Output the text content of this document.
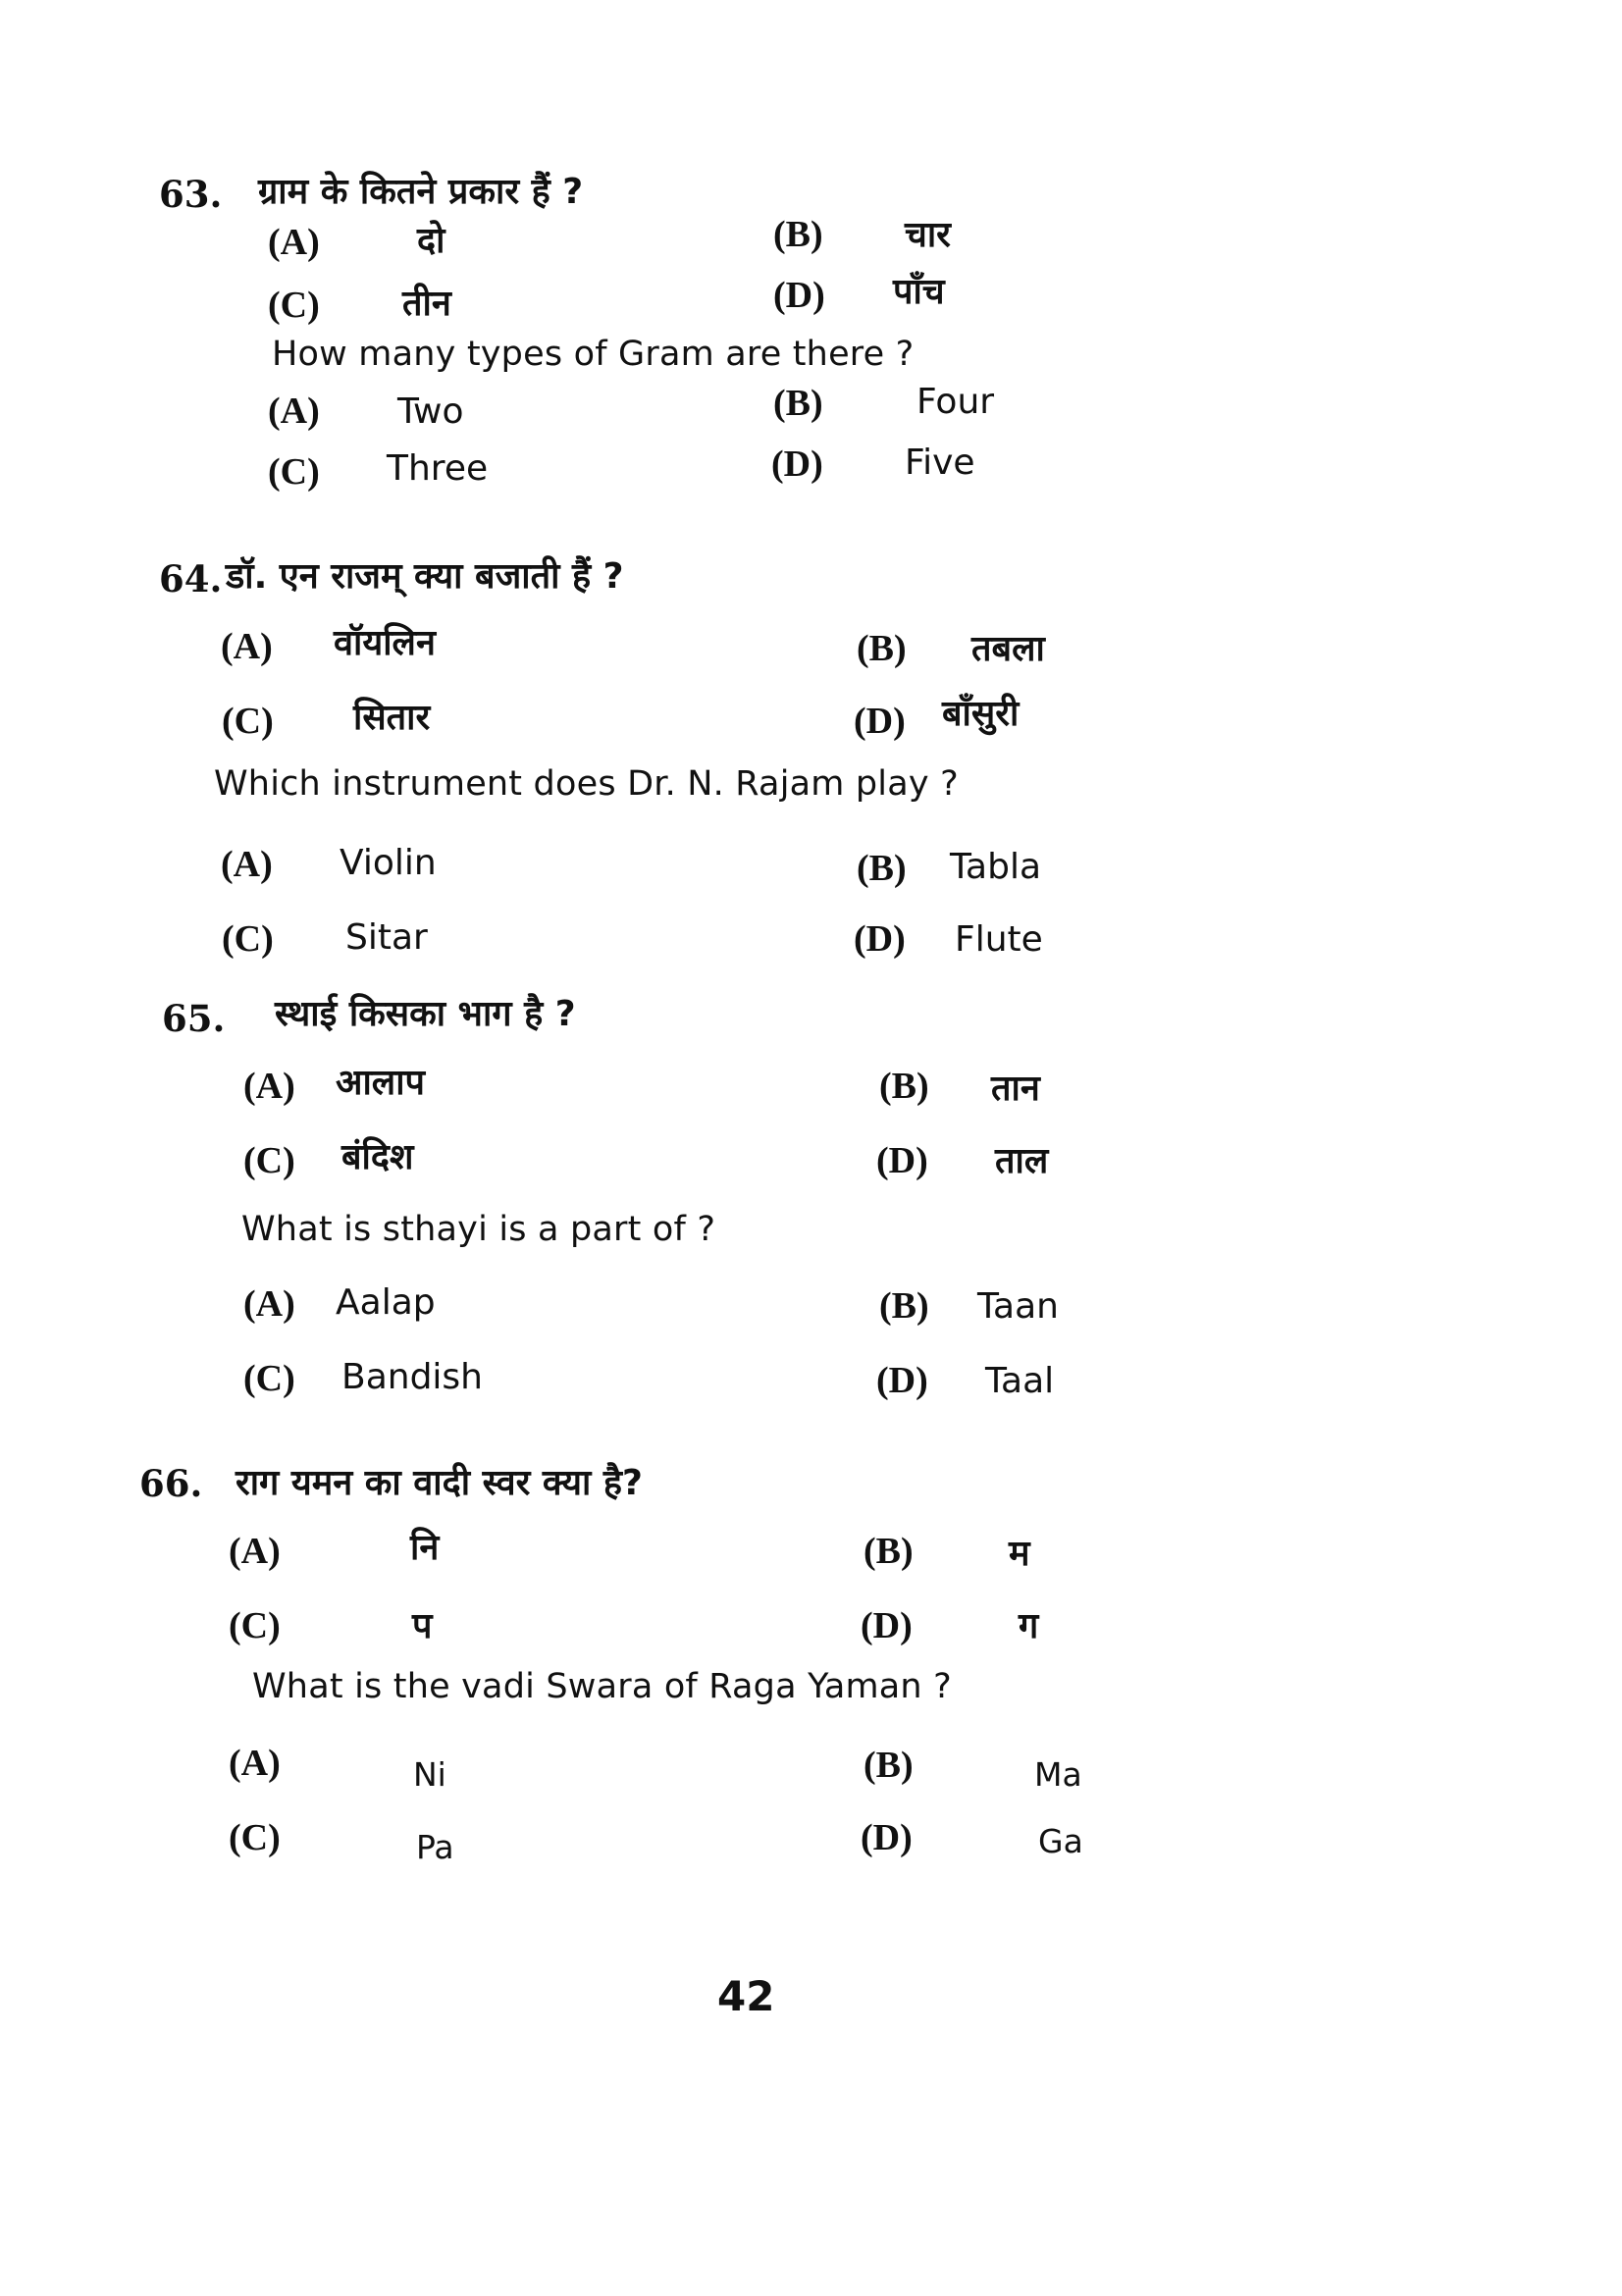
63. ग्राम के कितने प्रकार हैं ?
(A)	दो	(B) चार
(C) तीन	(D) पाँच
How many types of Gram are there ?
(A) Two	(B)	Four
(C) Three	(D) Five
64. डॉ. एन राजम् क्या बजाती हैं ?
(A) वॉयलिन	(B) तबला
(C) सितार	(D) बाँसुरी
Which instrument does Dr. N. Rajam play ?
(A) Violin	(B) Tabla
(C) Sitar	(D) Flute
65. स्थाई किसका भाग है ?
(A) आलाप	(B) तान
(C) बंदिश	(D) ताल
What is sthayi is a part of ?
(A) Aalap	(B) Taan
(C) Bandish	(D) Taal
66. राग यमन का वादी स्वर क्या है?
(A)	नि	(B)	म
(C)	प	(D)	ग
What is the vadi Swara of Raga Yaman ?
(A)	Ni	(B)	Ma
(C)	Pa	(D)	Ga
42
